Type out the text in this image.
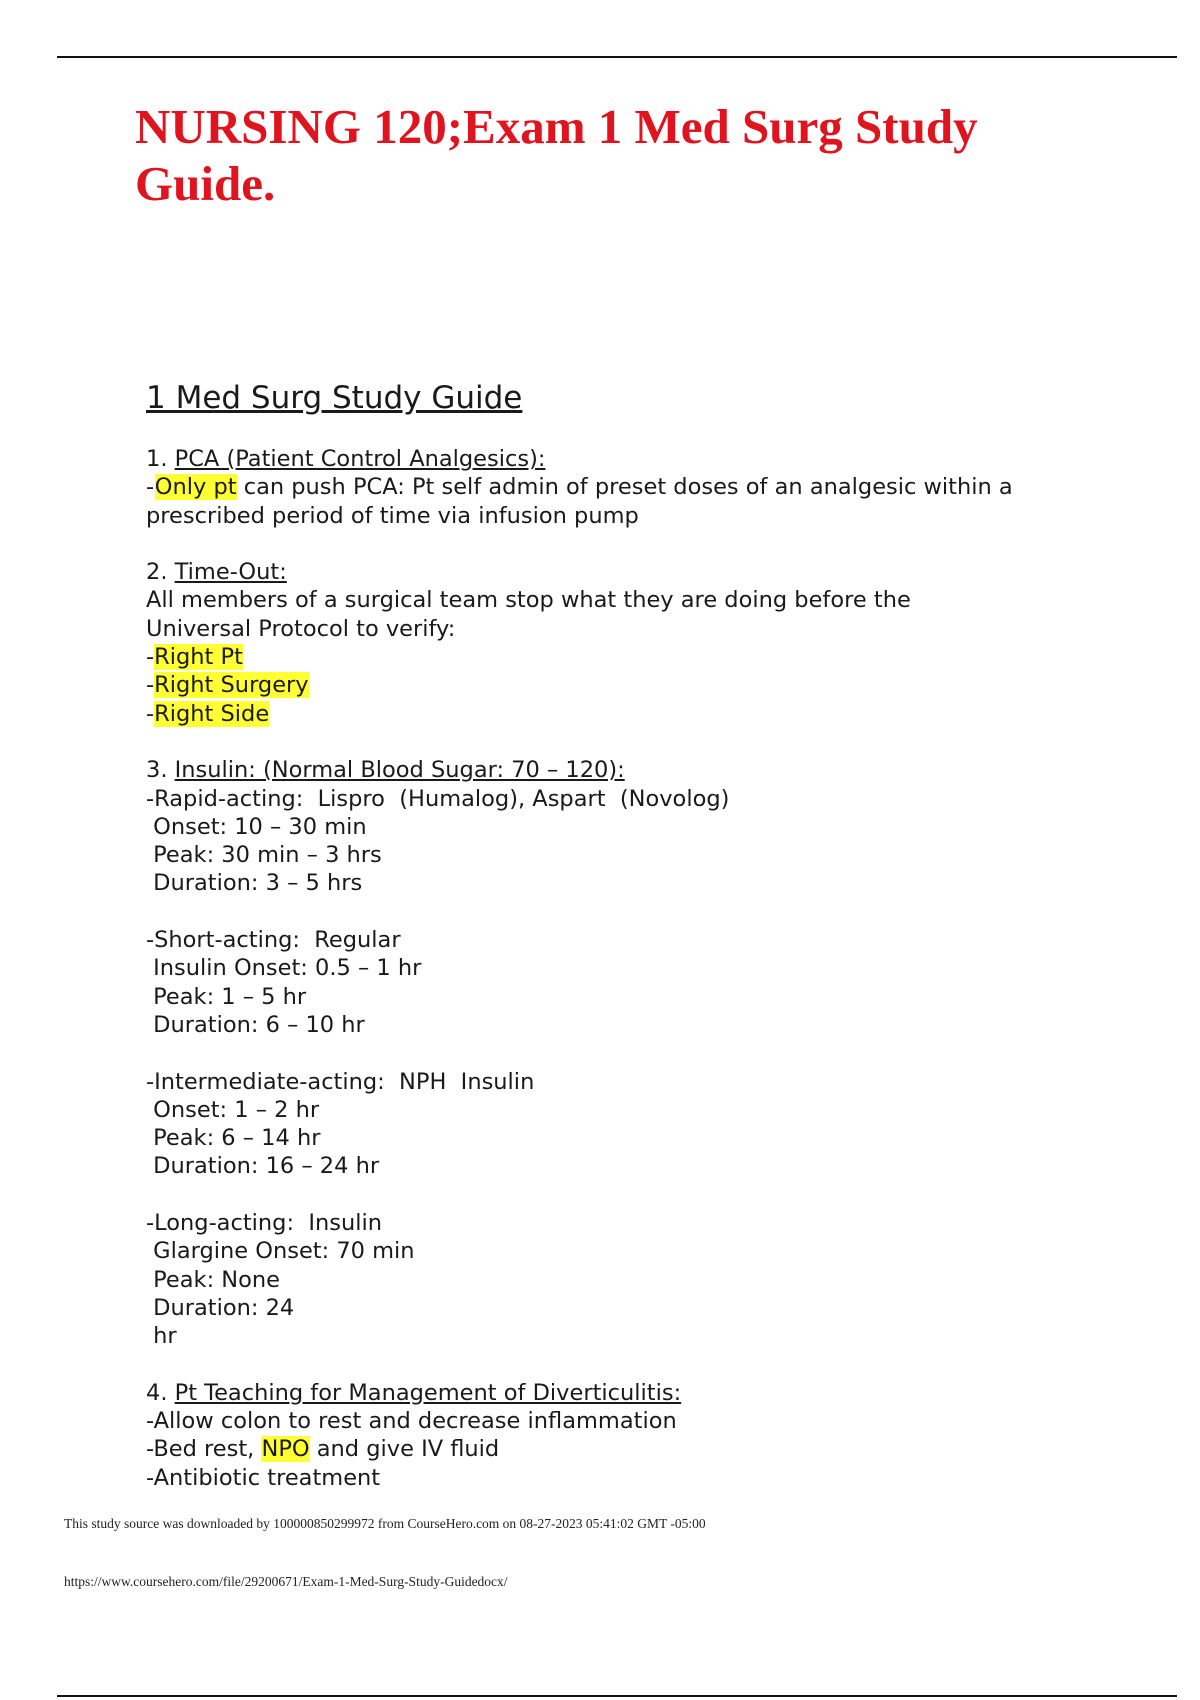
NURSING 120;Exam 1 Med Surg Study Guide.
1 Med Surg Study Guide
1. PCA (Patient Control Analgesics):
-Only pt can push PCA: Pt self admin of preset doses of an analgesic within a
prescribed period of time via infusion pump
2. Time-Out:
All members of a surgical team stop what they are doing before the
Universal Protocol to verify:
-Right Pt
-Right Surgery
-Right Side
3. Insulin: (Normal Blood Sugar: 70 – 120):
-Rapid-acting:  Lispro  (Humalog), Aspart  (Novolog)
Onset: 10 – 30 min
Peak: 30 min – 3 hrs
Duration: 3 – 5 hrs
-Short-acting:  Regular
Insulin Onset: 0.5 – 1 hr
Peak: 1 – 5 hr
Duration: 6 – 10 hr
-Intermediate-acting:  NPH  Insulin
Onset: 1 – 2 hr
Peak: 6 – 14 hr
Duration: 16 – 24 hr
-Long-acting:  Insulin
Glargine Onset: 70 min
Peak: None
Duration: 24
hr
4. Pt Teaching for Management of Diverticulitis:
-Allow colon to rest and decrease inflammation
-Bed rest, NPO and give IV fluid
-Antibiotic treatment

This study source was downloaded by 100000850299972 from CourseHero.com on 08-27-2023 05:41:02 GMT -05:00

https://www.coursehero.com/file/29200671/Exam-1-Med-Surg-Study-Guidedocx/
